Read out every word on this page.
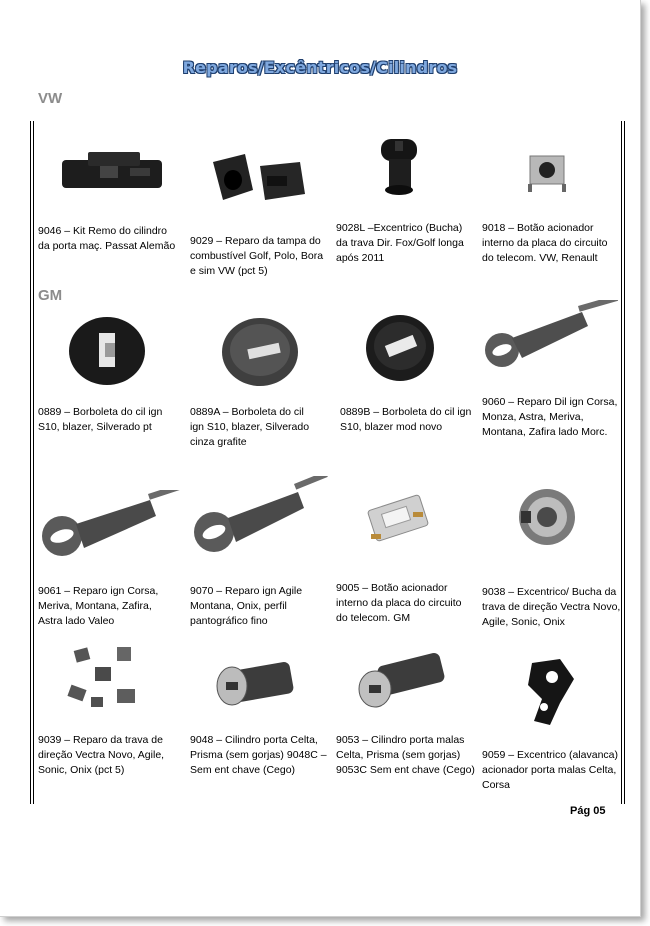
Reparos/Excêntricos/Cilindros
VW
GM
9046 – Kit Remo do cilindro da porta maç. Passat Alemão 9029 – Reparo da tampa do combustível Golf, Polo, Bora e sim VW (pct 5)
9028L –Excentrico (Bucha) da trava Dir. Fox/Golf longa após 2011
9018 – Botão acionador interno da placa do circuito do telecom. VW, Renault
0889 – Borboleta do cil ign S10, blazer, Silverado pt
0889A – Borboleta do cil ign S10, blazer, Silverado cinza grafite
0889B – Borboleta do cil ign S10, blazer mod novo
9060 – Reparo Dil ign Corsa, Monza, Astra, Meriva, Montana, Zafira lado Morc.
9061 – Reparo ign Corsa, Meriva, Montana, Zafira, Astra lado Valeo
9070 – Reparo ign Agile Montana, Onix, perfil pantográfico fino
9005 – Botão acionador interno da placa do circuito do telecom. GM
9038 – Excentrico/ Bucha da trava de direção Vectra Novo, Agile, Sonic, Onix
9039 – Reparo da trava de direção Vectra Novo, Agile, Sonic, Onix (pct 5)
9048 – Cilindro porta Celta, Prisma (sem gorjas) 9048C – Sem ent chave (Cego)
9053 – Cilindro porta malas Celta, Prisma (sem gorjas) 9053C Sem ent chave (Cego)
9059 – Excentrico (alavanca) acionador porta malas Celta, Corsa
Pág 05
